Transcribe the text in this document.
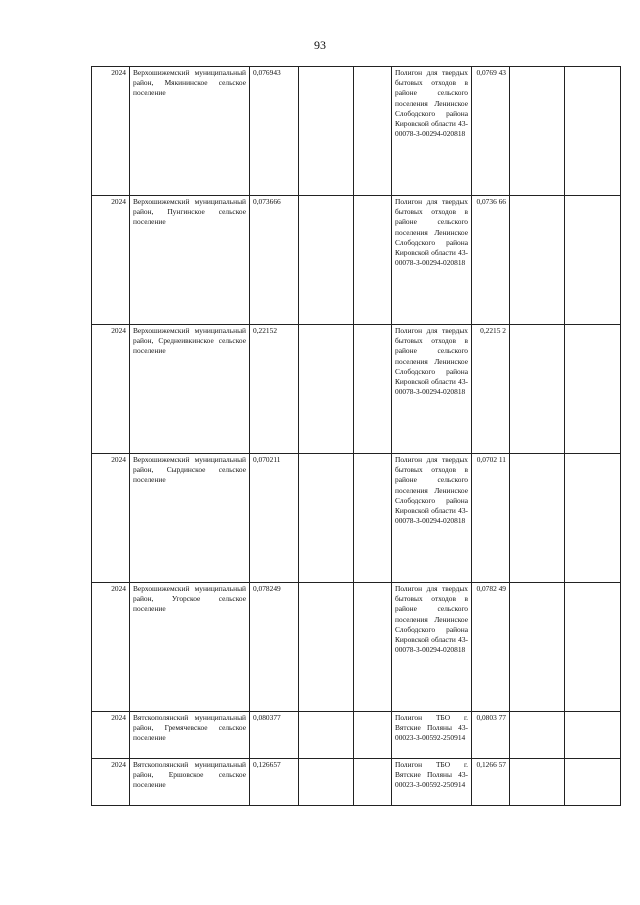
93
2024	Верхошижемский муниципальный район, Мякининское сельское поселение	0,076943			Полигон для твердых бытовых отходов в районе сельского поселения Ленинское Слободского района Кировской области 43-00078-З-00294-020818	0,0769 43		
2024	Верхошижемский муниципальный район, Пунгинское сельское поселение	0,073666			Полигон для твердых бытовых отходов в районе сельского поселения Ленинское Слободского района Кировской области 43-00078-З-00294-020818	0,0736 66		
2024	Верхошижемский муниципальный район, Среднеивкинское сельское поселение	0,22152			Полигон для твердых бытовых отходов в районе сельского поселения Ленинское Слободского района Кировской области 43-00078-З-00294-020818	0,2215 2		
2024	Верхошижемский муниципальный район, Сырдинское сельское поселение	0,070211			Полигон для твердых бытовых отходов в районе сельского поселения Ленинское Слободского района Кировской области 43-00078-З-00294-020818	0,0702 11		
2024	Верхошижемский муниципальный район, Угорское сельское поселение	0,078249			Полигон для твердых бытовых отходов в районе сельского поселения Ленинское Слободского района Кировской области 43-00078-З-00294-020818	0,0782 49		
2024	Вятскополянский муниципальный район, Гремячевское сельское поселение	0,080377			Полигон ТБО г. Вятские Поляны 43-00023-З-00592-250914	0,0803 77		
2024	Вятскополянский муниципальный район, Ершовское сельское поселение	0,126657			Полигон ТБО г. Вятские Поляны 43-00023-З-00592-250914	0,1266 57		
